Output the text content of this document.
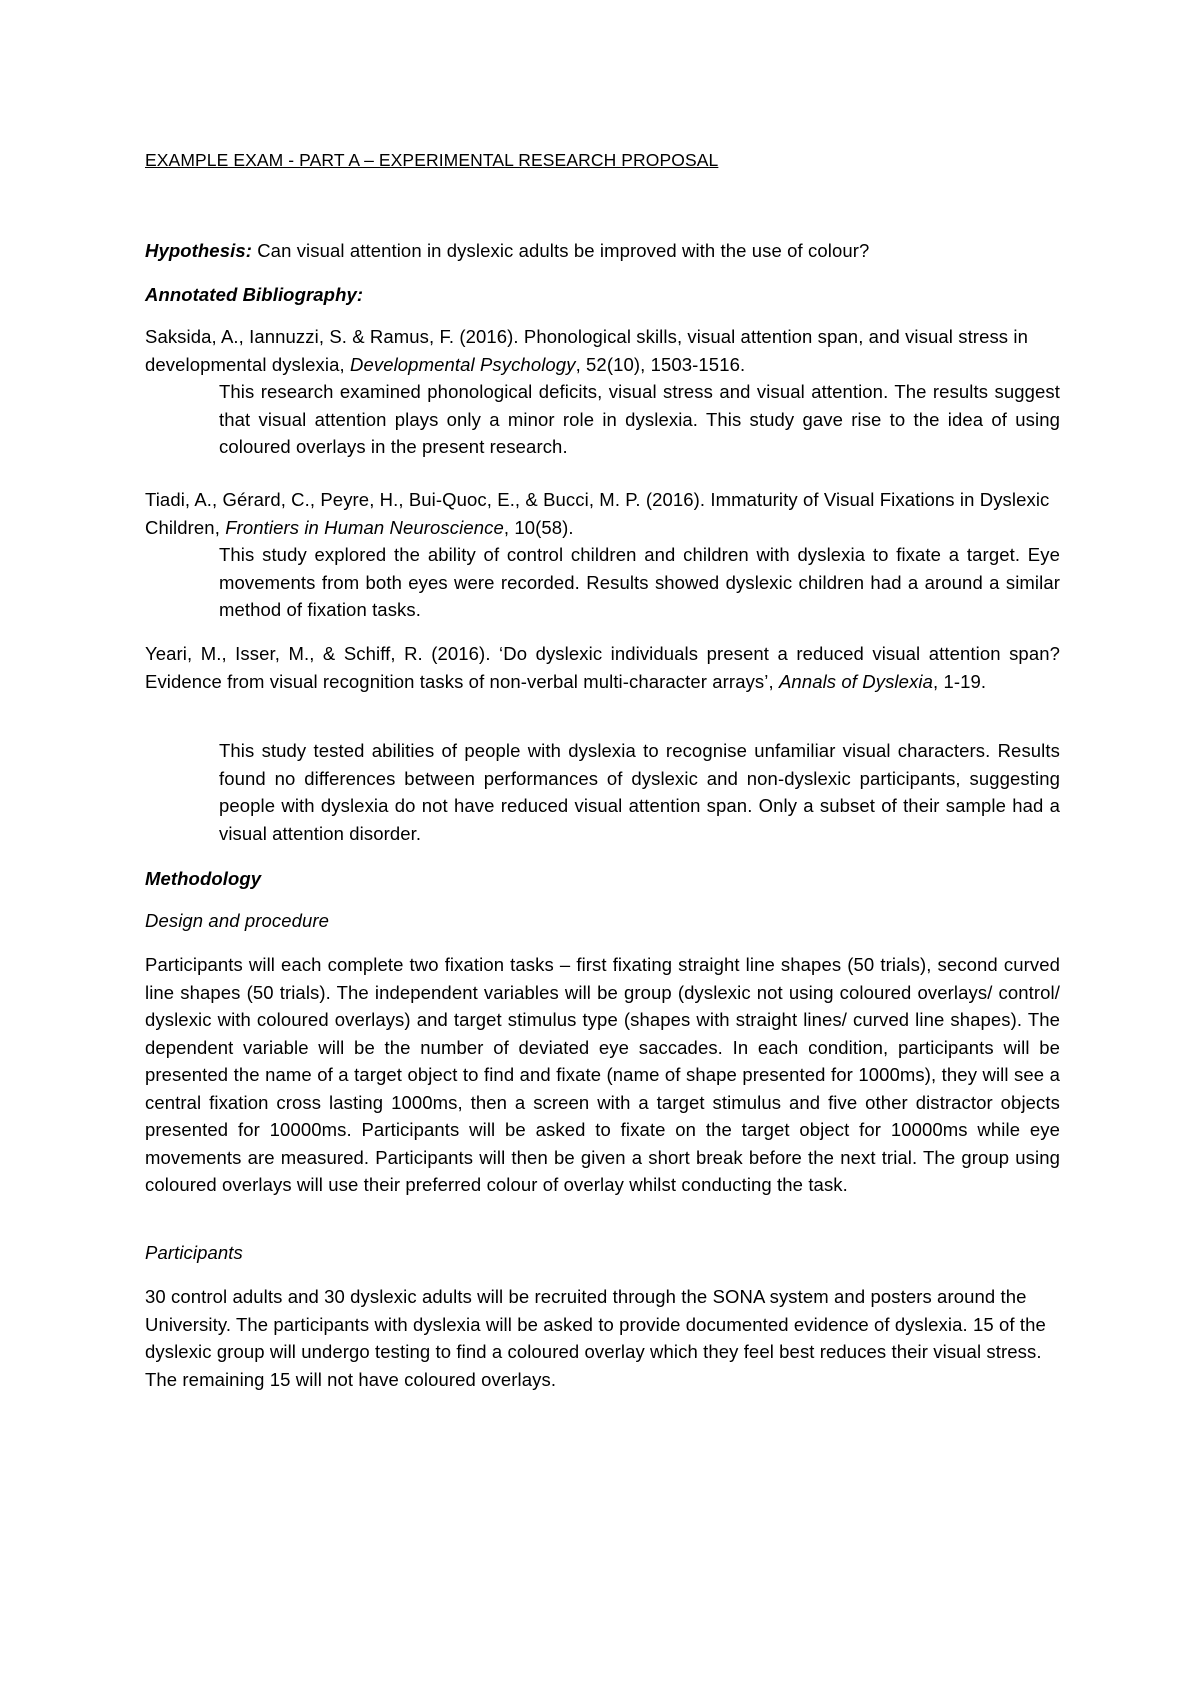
EXAMPLE EXAM - PART A – EXPERIMENTAL RESEARCH PROPOSAL

Hypothesis: Can visual attention in dyslexic adults be improved with the use of colour?

Annotated Bibliography:

Saksida, A., Iannuzzi, S. & Ramus, F. (2016). Phonological skills, visual attention span, and visual stress in developmental dyslexia, Developmental Psychology, 52(10), 1503-1516.

This research examined phonological deficits, visual stress and visual attention. The results suggest that visual attention plays only a minor role in dyslexia. This study gave rise to the idea of using coloured overlays in the present research.

Tiadi, A., Gérard, C., Peyre, H., Bui-Quoc, E., & Bucci, M. P. (2016). Immaturity of Visual Fixations in Dyslexic Children, Frontiers in Human Neuroscience, 10(58).

This study explored the ability of control children and children with dyslexia to fixate a target. Eye movements from both eyes were recorded. Results showed dyslexic children had a around a similar method of fixation tasks.

Yeari, M., Isser, M., & Schiff, R. (2016). ‘Do dyslexic individuals present a reduced visual attention span? Evidence from visual recognition tasks of non-verbal multi-character arrays’, Annals of Dyslexia, 1-19.

This study tested abilities of people with dyslexia to recognise unfamiliar visual characters. Results found no differences between performances of dyslexic and non-dyslexic participants, suggesting people with dyslexia do not have reduced visual attention span. Only a subset of their sample had a visual attention disorder.

Methodology

Design and procedure

Participants will each complete two fixation tasks – first fixating straight line shapes (50 trials), second curved line shapes (50 trials). The independent variables will be group (dyslexic not using coloured overlays/ control/ dyslexic with coloured overlays) and target stimulus type (shapes with straight lines/ curved line shapes). The dependent variable will be the number of deviated eye saccades. In each condition, participants will be presented the name of a target object to find and fixate (name of shape presented for 1000ms), they will see a central fixation cross lasting 1000ms, then a screen with a target stimulus and five other distractor objects presented for 10000ms. Participants will be asked to fixate on the target object for 10000ms while eye movements are measured. Participants will then be given a short break before the next trial. The group using coloured overlays will use their preferred colour of overlay whilst conducting the task.

Participants

30 control adults and 30 dyslexic adults will be recruited through the SONA system and posters around the University. The participants with dyslexia will be asked to provide documented evidence of dyslexia. 15 of the dyslexic group will undergo testing to find a coloured overlay which they feel best reduces their visual stress. The remaining 15 will not have coloured overlays.
